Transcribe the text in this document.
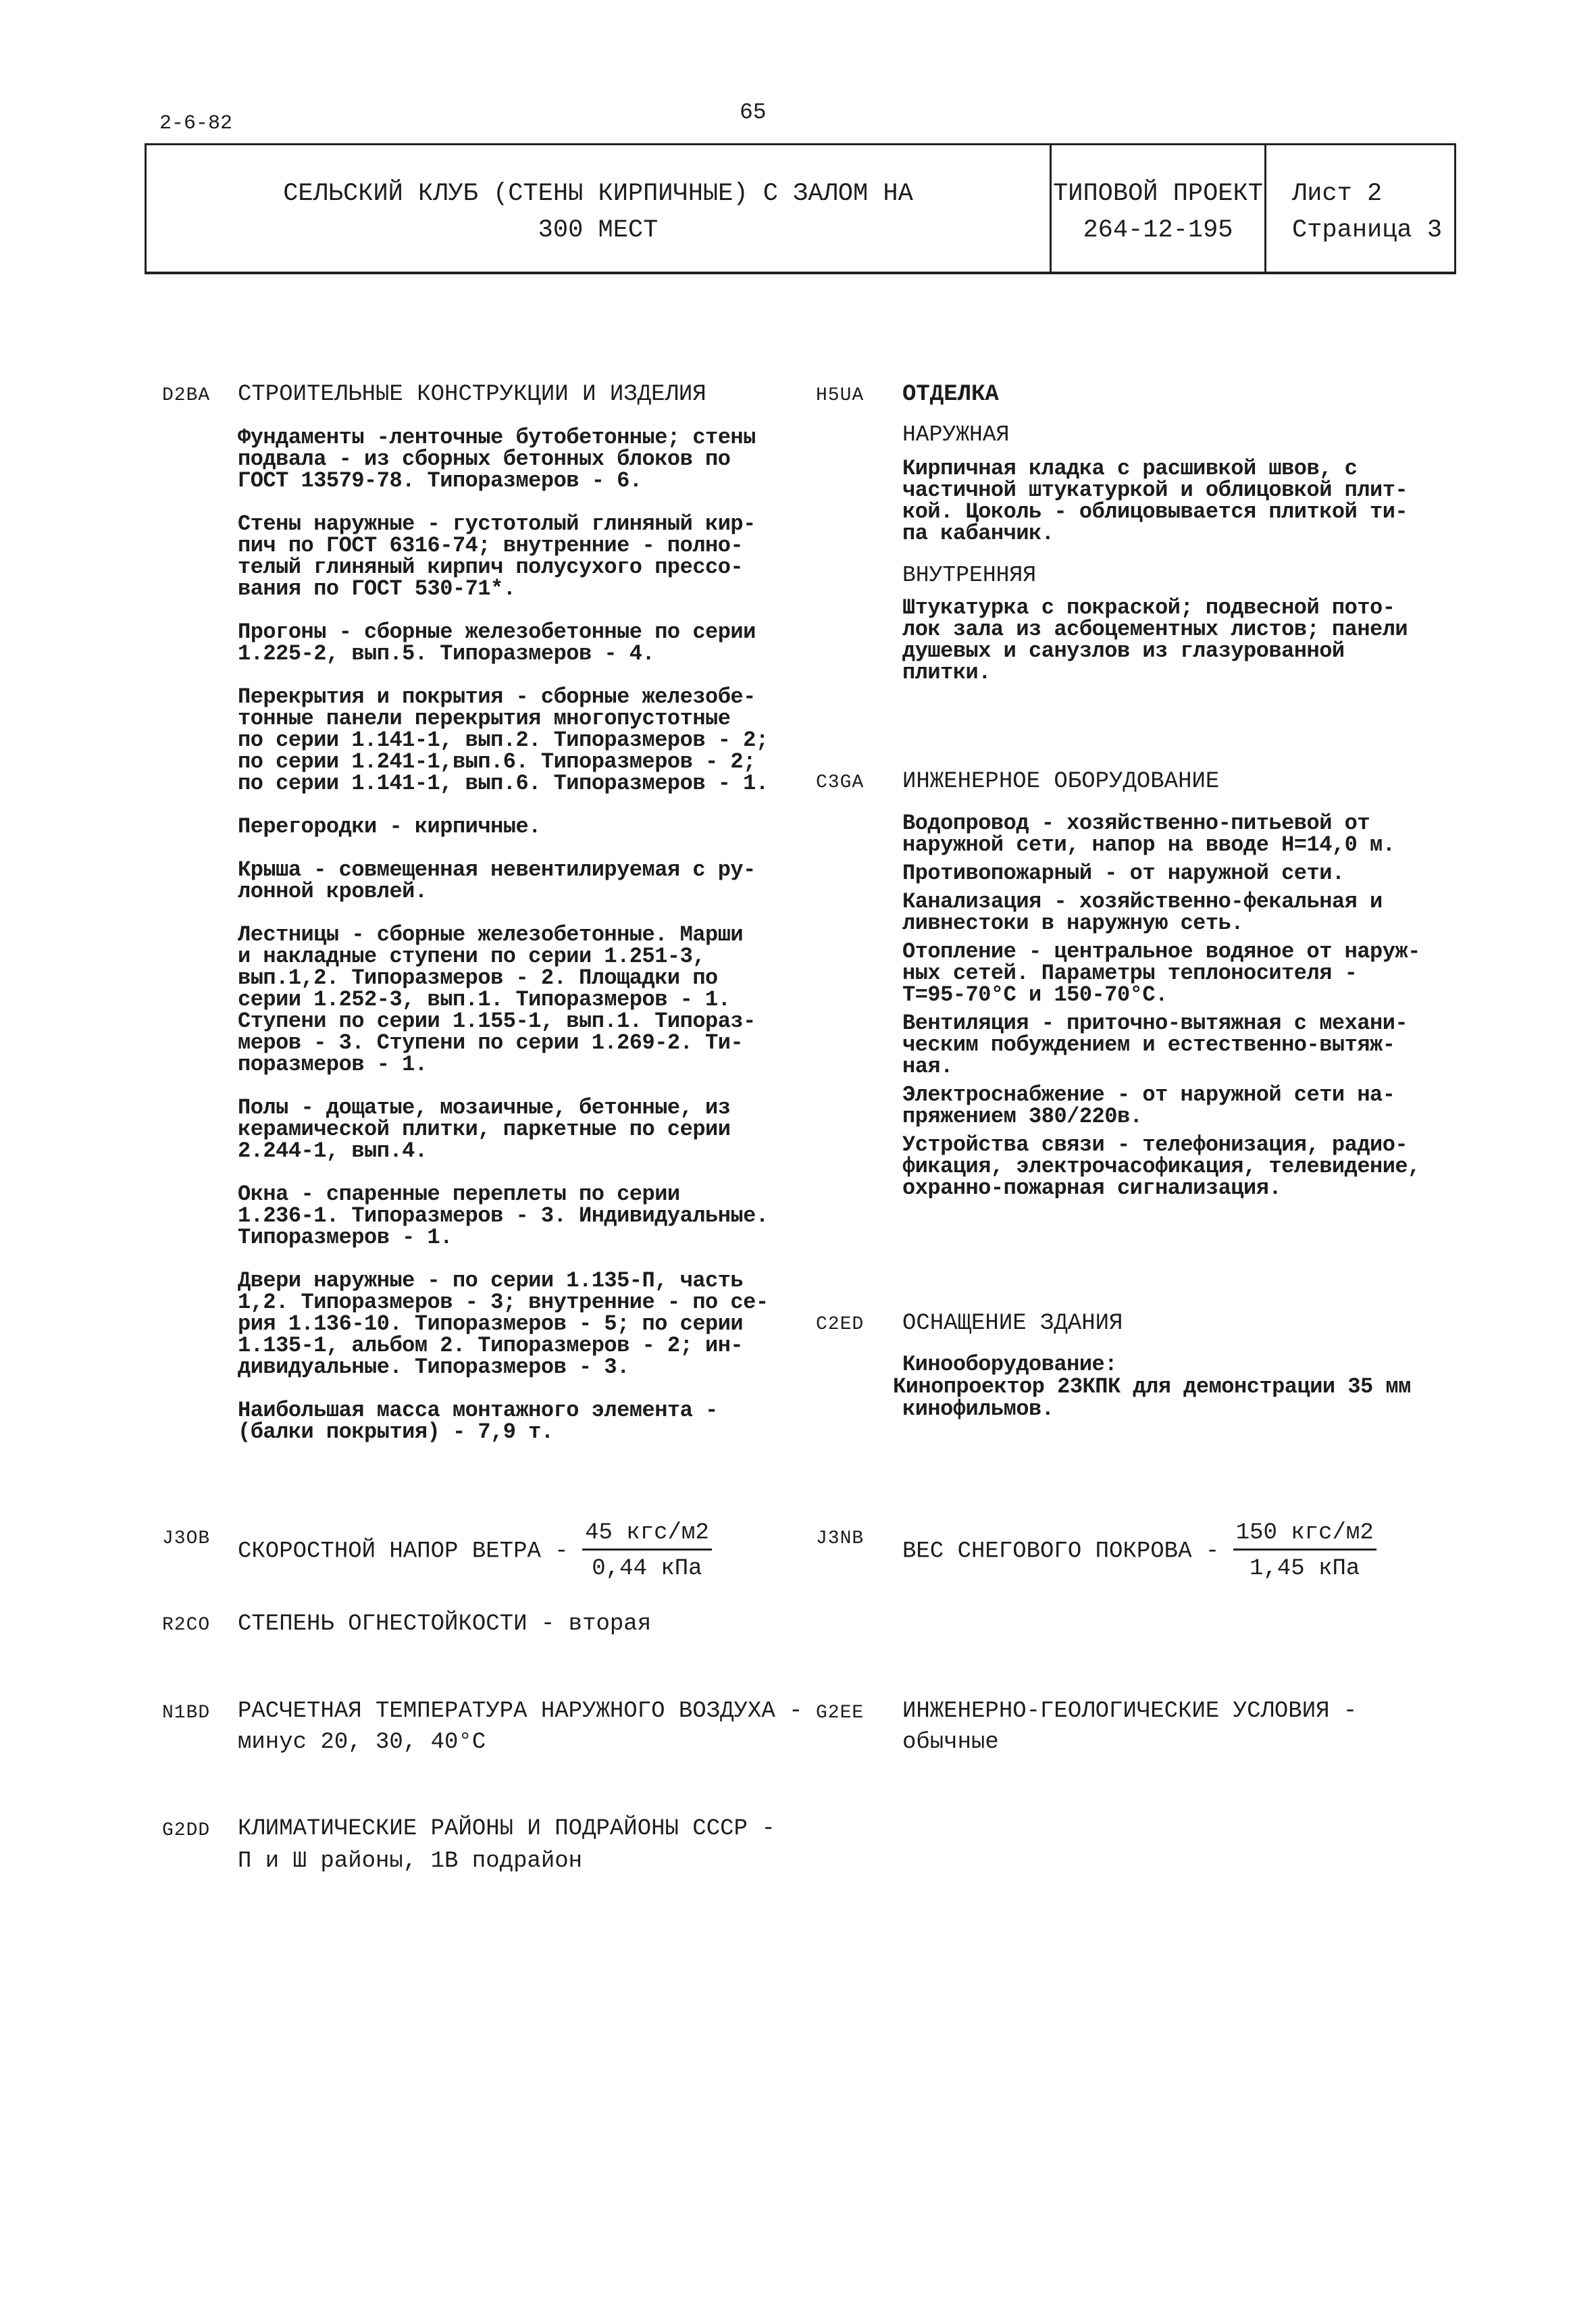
2-6-82	65
СЕЛЬСКИЙ КЛУБ (СТЕНЫ КИРПИЧНЫЕ) С ЗАЛОМ НА
300 МЕСТ
ТИПОВОЙ ПРОЕКТ
264-12-195
Лист 2
Страница 3
D2BA СТРОИТЕЛЬНЫЕ КОНСТРУКЦИИ И ИЗДЕЛИЯ
Фундаменты -ленточные бутобетонные; стены
подвала - из сборных бетонных блоков по
ГОСТ 13579-78. Типоразмеров - 6.
Стены наружные - густотолый глиняный кир-
пич по ГОСТ 6316-74; внутренние - полно-
телый глиняный кирпич полусухого прессо-
вания по ГОСТ 530-71*.
Прогоны - сборные железобетонные по серии
1.225-2, вып.5. Типоразмеров - 4.
Перекрытия и покрытия - сборные железобе-
тонные панели перекрытия многопустотные
по серии 1.141-1, вып.2. Типоразмеров - 2;
по серии 1.241-1,вып.6. Типоразмеров - 2;
по серии 1.141-1, вып.6. Типоразмеров - 1.
Перегородки - кирпичные.
Крыша - совмещенная невентилируемая с ру-
лонной кровлей.
Лестницы - сборные железобетонные. Марши
и накладные ступени по серии 1.251-3,
вып.1,2. Типоразмеров - 2. Площадки по
серии 1.252-3, вып.1. Типоразмеров - 1.
Ступени по серии 1.155-1, вып.1. Типораз-
меров - 3. Ступени по серии 1.269-2. Ти-
поразмеров - 1.
Полы - дощатые, мозаичные, бетонные, из
керамической плитки, паркетные по серии
2.244-1, вып.4.
Окна - спаренные переплеты по серии
1.236-1. Типоразмеров - 3. Индивидуальные.
Типоразмеров - 1.
Двери наружные - по серии 1.135-П, часть
1,2. Типоразмеров - 3; внутренние - по се-
рия 1.136-10. Типоразмеров - 5; по серии
1.135-1, альбом 2. Типоразмеров - 2; ин-
дивидуальные. Типоразмеров - 3.
Наибольшая масса монтажного элемента -
(балки покрытия) - 7,9 т.
H5UA ОТДЕЛКА
НАРУЖНАЯ
Кирпичная кладка с расшивкой швов, с
частичной штукатуркой и облицовкой плит-
кой. Цоколь - облицовывается плиткой ти-
па кабанчик.
ВНУТРЕННЯЯ
Штукатурка с покраской; подвесной пото-
лок зала из асбоцементных листов; панели
душевых и санузлов из глазурованной
плитки.
C3GA ИНЖЕНЕРНОЕ ОБОРУДОВАНИЕ
Водопровод - хозяйственно-питьевой от
наружной сети, напор на вводе Н=14,0 м.
Противопожарный - от наружной сети.
Канализация - хозяйственно-фекальная и
ливнестоки в наружную сеть.
Отопление - центральное водяное от наруж-
ных сетей. Параметры теплоносителя -
Т=95-70°С и 150-70°С.
Вентиляция - приточно-вытяжная с механи-
ческим побуждением и естественно-вытяж-
ная.
Электроснабжение - от наружной сети на-
пряжением 380/220в.
Устройства связи - телефонизация, радио-
фикация, электрочасофикация, телевидение,
охранно-пожарная сигнализация.
C2ED ОСНАЩЕНИЕ ЗДАНИЯ
Кинооборудование:
Кинопроектор 23КПК для демонстрации 35 мм
кинофильмов.
J3OB СКОРОСТНОЙ НАПОР ВЕТРА - $\frac{\text{45 кгс/м2}}{\text{0,44 кПа}}$	J3NB ВЕС СНЕГОВОГО ПОКРОВА - $\frac{\text{150 кгс/м2}}{\text{1,45 кПа}}$
R2CO СТЕПЕНЬ ОГНЕСТОЙКОСТИ - вторая
N1BD РАСЧЕТНАЯ ТЕМПЕРАТУРА НАРУЖНОГО ВОЗДУХА -
минус 20, 30, 40°С
G2EE ИНЖЕНЕРНО-ГЕОЛОГИЧЕСКИЕ УСЛОВИЯ -
обычные
G2DD КЛИМАТИЧЕСКИЕ РАЙОНЫ И ПОДРАЙОНЫ СССР -
П и Ш районы, 1В подрайон
